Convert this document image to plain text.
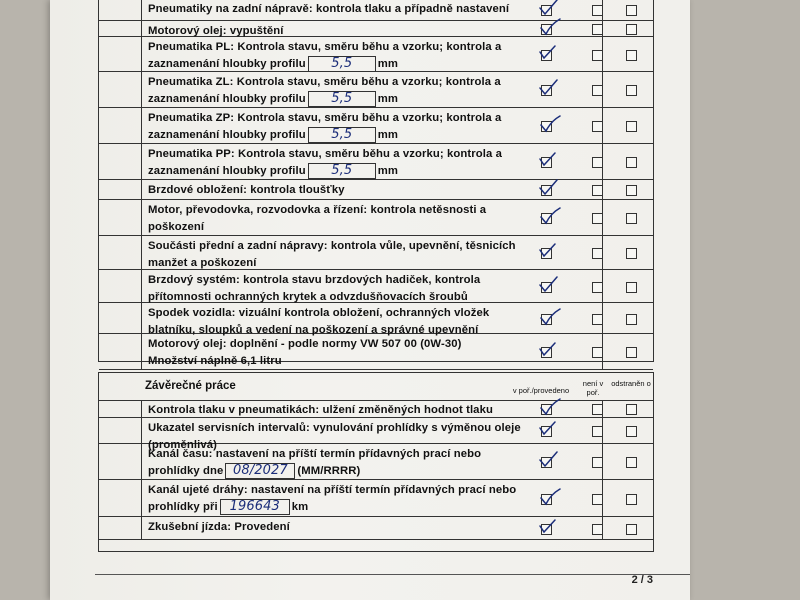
Pneumatiky na zadní nápravě: kontrola tlaku a případně nastavení
Motorový olej: vypuštění
Pneumatika PL: Kontrola stavu, směru běhu a vzorku; kontrola a
zaznamenání hloubky profilu 5,5 mm
Pneumatika ZL: Kontrola stavu, směru běhu a vzorku; kontrola a
zaznamenání hloubky profilu 5,5 mm
Pneumatika ZP: Kontrola stavu, směru běhu a vzorku; kontrola a
zaznamenání hloubky profilu 5,5 mm
Pneumatika PP: Kontrola stavu, směru běhu a vzorku; kontrola a
zaznamenání hloubky profilu 5,5 mm
Brzdové obložení: kontrola tloušťky
Motor, převodovka, rozvodovka a řízení: kontrola netěsnosti a
poškození
Součásti přední a zadní nápravy: kontrola vůle, upevnění, těsnicích
manžet a poškození
Brzdový systém: kontrola stavu brzdových hadiček, kontrola
přítomnosti ochranných krytek a odvzdušňovacích šroubů
Spodek vozidla: vizuální kontrola obložení, ochranných vložek
blatníku, sloupků a vedení na poškození a správné upevnění
Motorový olej: doplnění - podle normy VW 507 00 (0W-30)
Množství náplně 6,1 litru
Závěrečné práce	v poř./provedeno
není v poř.
odstraněn o
Kontrola tlaku v pneumatikách: ulžení změněných hodnot tlaku
Ukazatel servisních intervalů: vynulování prohlídky s výměnou oleje
(proměnlivá)
Kanál času: nastavení na příští termín přídavných prací nebo
prohlídky dne 08/2027 (MM/RRRR)
Kanál ujeté dráhy: nastavení na příští termín přídavných prací nebo
prohlídky při 196643 km
Zkušební jízda: Provedení
2 / 3
